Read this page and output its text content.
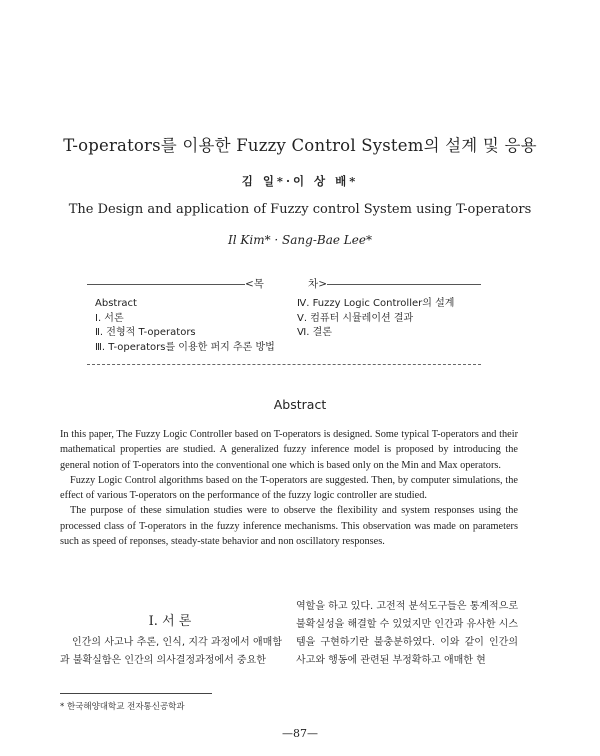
T-operators를 이용한 Fuzzy Control System의 설계 및 응용
김 일*·이 상 배*
The Design and application of Fuzzy control System using T-operators
Il Kim* · Sang-Bae Lee*
<목	차>
Abstract
Ⅰ. 서론
Ⅱ. 전형적 T-operators
Ⅲ. T-operators를 이용한 퍼지 추론 방법
Ⅳ. Fuzzy Logic Controller의 설계
Ⅴ. 컴퓨터 시뮬레이션 결과
Ⅵ. 결론
Abstract

In this paper, The Fuzzy Logic Controller based on T-operators is designed. Some typical T-operators and their mathematical properties are studied. A generalized fuzzy inference model is proposed by introducing the general notion of T-operators into the conventional one which is based only on the Min and Max operators.

Fuzzy Logic Control algorithms based on the T-operators are suggested. Then, by computer simulations, the effect of various T-operators on the performance of the fuzzy logic controller are studied.

The purpose of these simulation studies were to observe the flexibility and system responses using the processed class of T-operators in the fuzzy inference mechanisms. This observation was made on parameters such as speed of reponses, steady-state behavior and non oscillatory responses.

Ⅰ. 서 론

인간의 사고나 추론, 인식, 지각 과정에서 애매함과 불확실함은 인간의 의사결정과정에서 중요한

역할을 하고 있다. 고전적 분석도구들은 통계적으로 불확실성을 해결할 수 있었지만 인간과 유사한 시스템을 구현하기란 불충분하였다. 이와 같이 인간의 사고와 행동에 관련된 부정확하고 애매한 현

* 한국해양대학교 전자통신공학과
—87—
